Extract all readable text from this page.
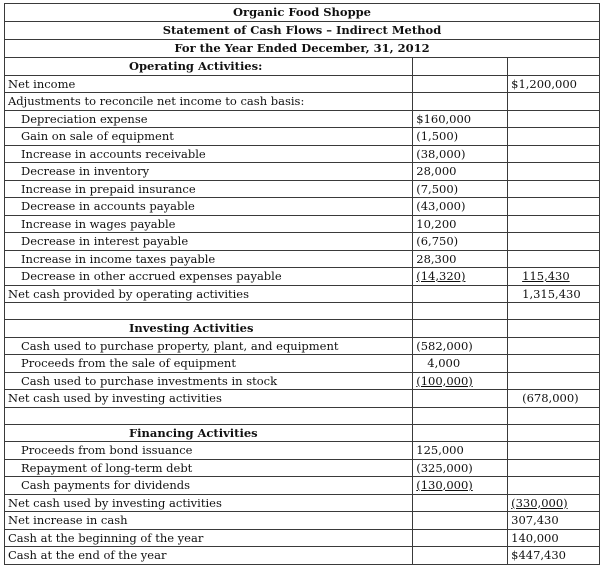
Organic Food Shoppe		
Statement of Cash Flows – Indirect Method		
For the Year Ended December, 31, 2012		
Operating Activities:		
Net income		$1,200,000
Adjustments to reconcile net income to cash basis:		
Depreciation expense	$160,000	
Gain on sale of equipment	(1,500)	
Increase in accounts receivable	(38,000)	
Decrease in inventory	28,000	
Increase in prepaid insurance	(7,500)	
Decrease in accounts payable	(43,000)	
Increase in wages payable	10,200	
Decrease in interest payable	(6,750)	
Increase in income taxes payable	28,300	
Decrease in other accrued expenses payable	(14,320)	115,430
Net cash provided by operating activities		1,315,430

Investing Activities		
Cash used to purchase property, plant, and equipment	(582,000)	
Proceeds from the sale of equipment	4,000	
Cash used to purchase investments in stock	(100,000)	
Net cash used by investing activities		(678,000)

Financing Activities		
Proceeds from bond issuance	125,000	
Repayment of long-term debt	(325,000)	
Cash payments for dividends	(130,000)	
Net cash used by investing activities		(330,000)
Net increase in cash		307,430
Cash at the beginning of the year		140,000
Cash at the end of the year		$447,430
